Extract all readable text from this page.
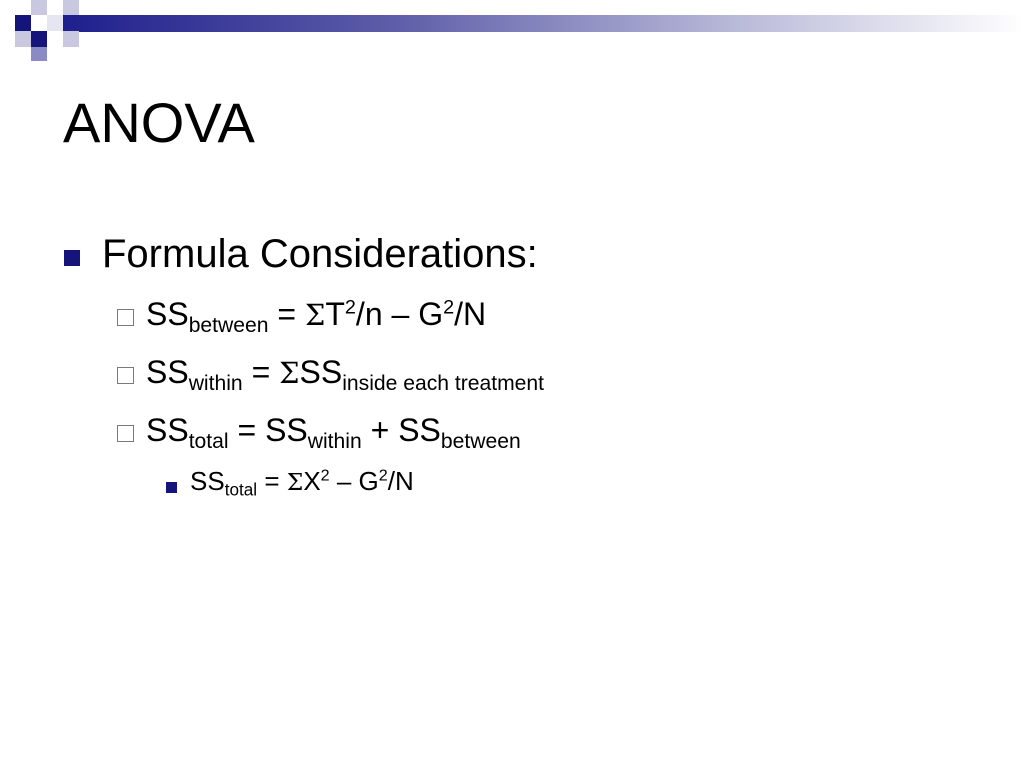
ANOVA
Formula Considerations:
$SS_{between} = \Sigma T^2/n - G^2/N$
$SS_{within} = \Sigma SS_{inside each treatment}$
$SS_{total} = SS_{within} + SS_{between}$
$SS_{total} = \Sigma X^2 - G^2/N$
